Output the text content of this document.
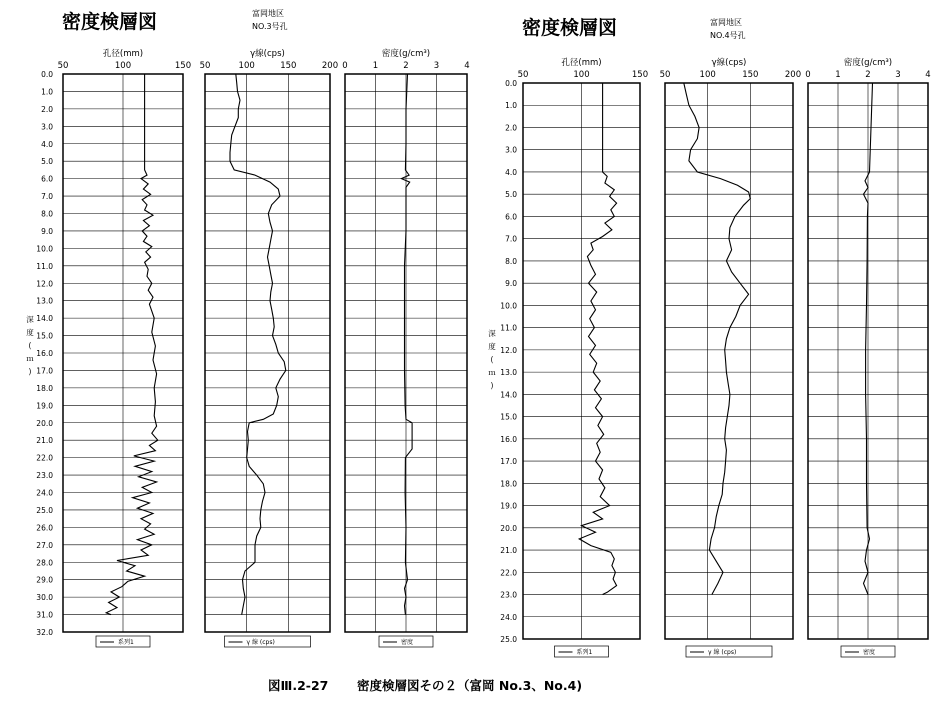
密度検層図	富岡地区
NO.3号孔	密度検層図	富岡地区
NO.4号孔
0.0
1.0
2.0
3.0
4.0
5.0
6.0
7.0
8.0
9.0
10.0
11.0
12.0
13.0
14.0
15.0
16.0
17.0
18.0
19.0
20.0
21.0
22.0
23.0
24.0
25.0
26.0
27.0
28.0
29.0
30.0
31.0
32.0
深
度
(
ｍ
)
孔径(mm)
50	100	150
系列1
γ線(cps)
50	100	150	200
γ 線 (cps)
密度(g/cm³)
0	1	2	3	4
密度
0.0
1.0
2.0
3.0
4.0
5.0
6.0
7.0
8.0
9.0
10.0
11.0
12.0
13.0
14.0
15.0
16.0
17.0
18.0
19.0
20.0
21.0
22.0
23.0
24.0
25.0
深
度
(
ｍ
)
孔径(mm)
50	100	150
系列1
γ線(cps)
50	100	150	200
γ 線 (cps)
密度(g/cm³)
0	1	2	3	4
密度
図Ⅲ.2-27 密度検層図その２（富岡 No.3、No.4)
